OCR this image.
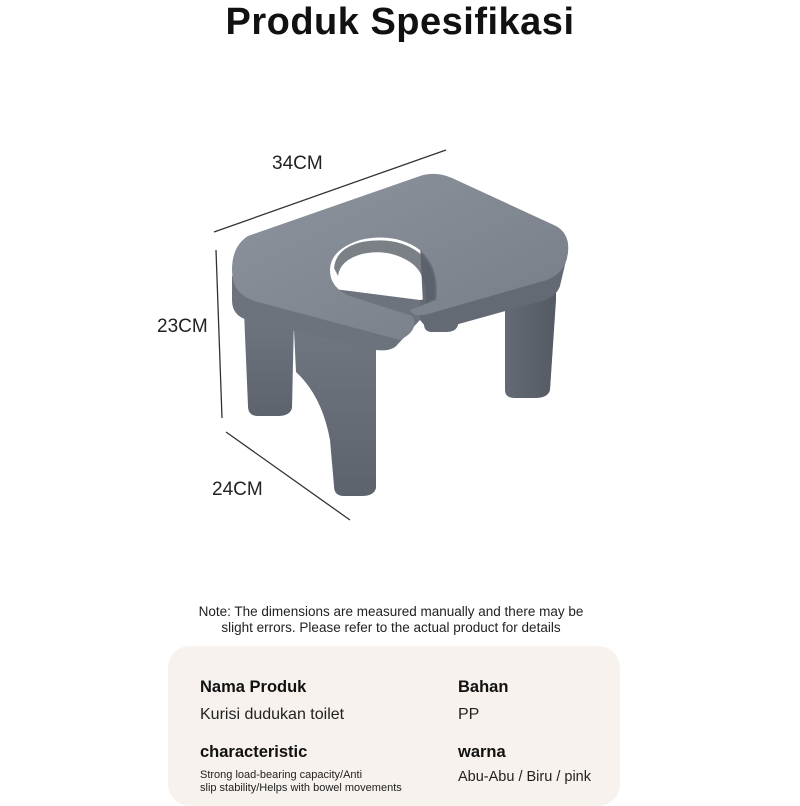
Produk Spesifikasi
34CM
23CM
24CM
Note: The dimensions are measured manually and there may be
slight errors. Please refer to the actual product for details
Nama Produk
Kurisi dudukan toilet
Bahan
PP
characteristic
Strong load-bearing capacity/Anti
slip stability/Helps with bowel movements
warna
Abu-Abu / Biru / pink
